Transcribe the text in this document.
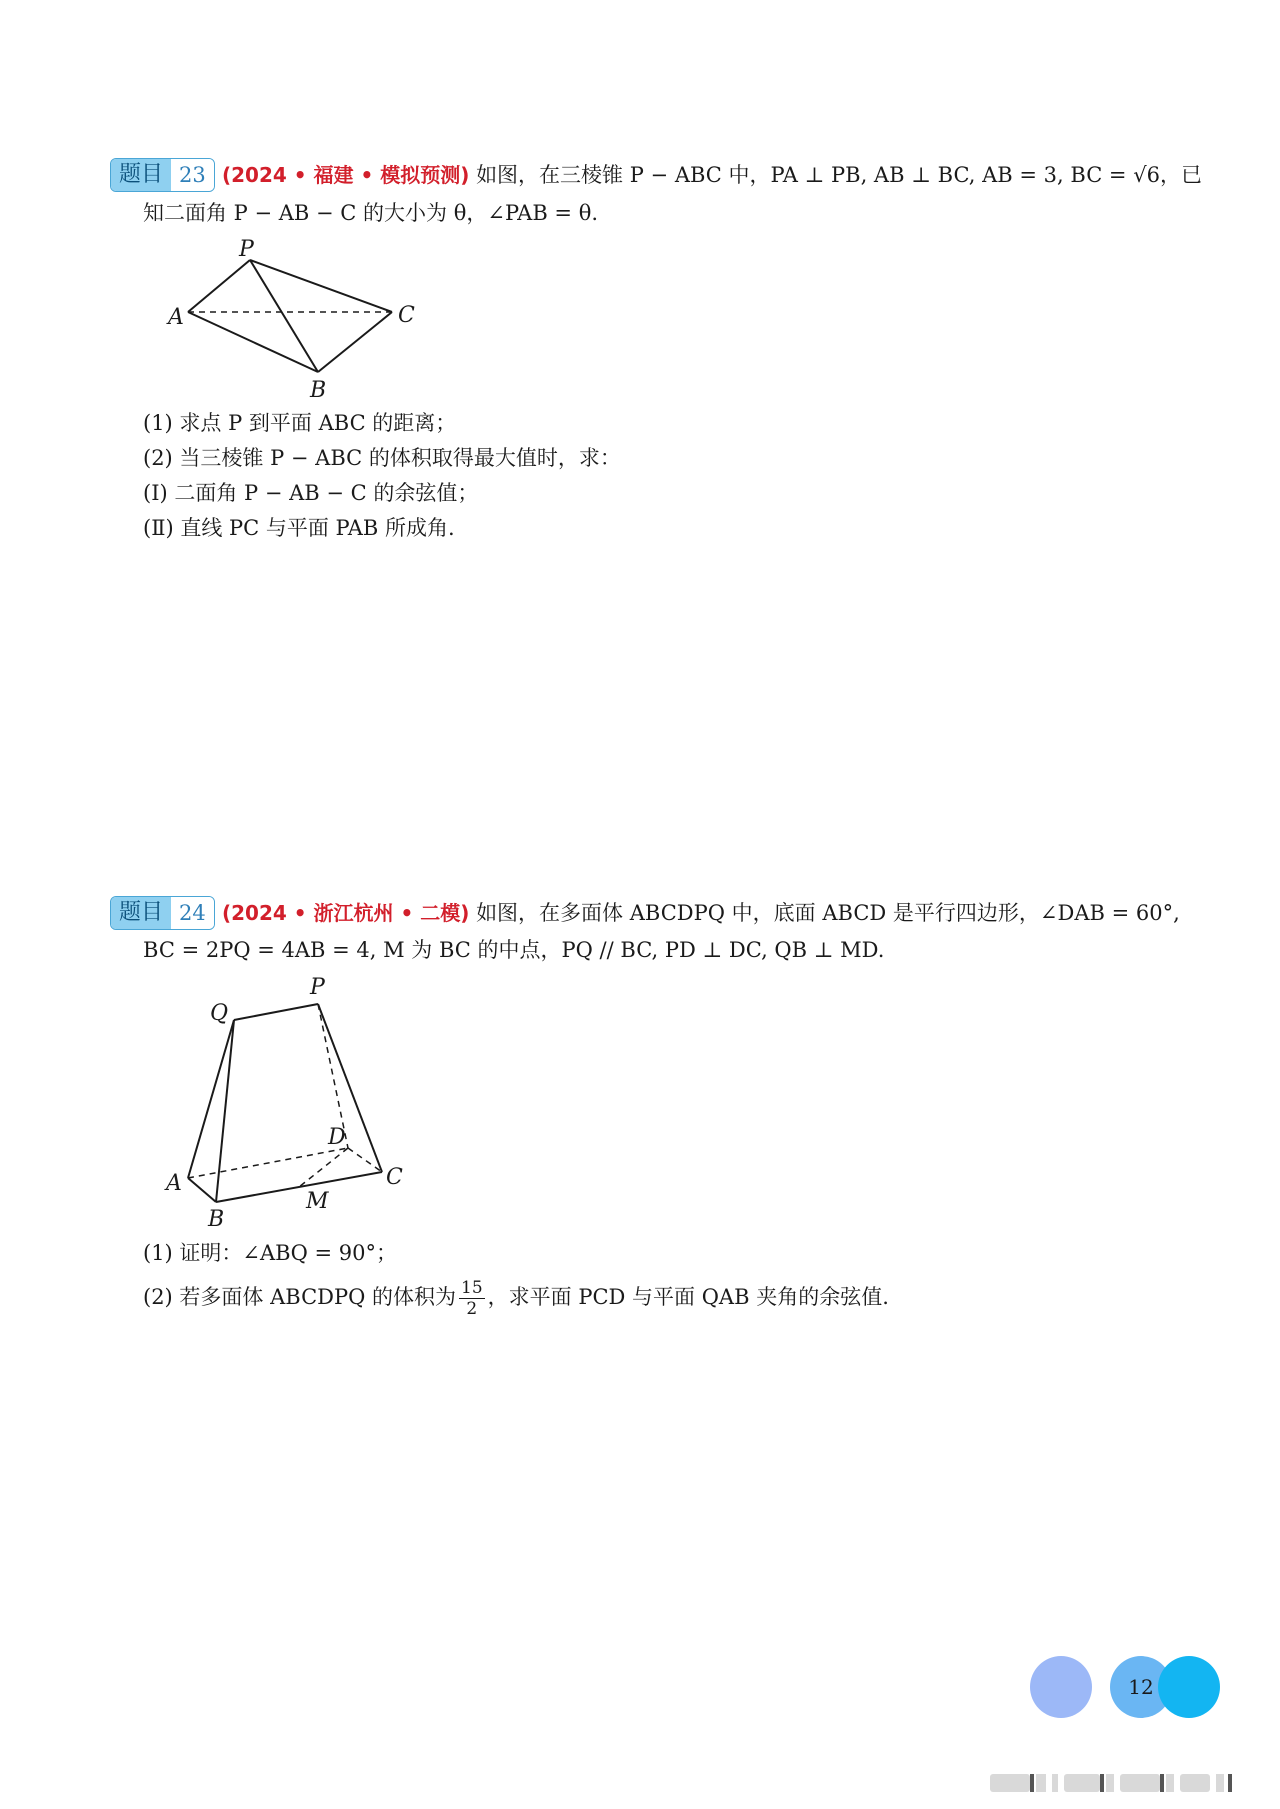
题目 23 (2024 • 福建 • 模拟预测) 如图，在三棱锥 P − ABC 中，PA ⊥ PB, AB ⊥ BC, AB = 3, BC = √6，已
知二面角 P − AB − C 的大小为 θ，∠PAB = θ.
P
A	C
B
(1) 求点 P 到平面 ABC 的距离；
(2) 当三棱锥 P − ABC 的体积取得最大值时，求：
(Ⅰ) 二面角 P − AB − C 的余弦值；
(Ⅱ) 直线 PC 与平面 PAB 所成角.
题目 24 (2024 • 浙江杭州 • 二模) 如图，在多面体 ABCDPQ 中，底面 ABCD 是平行四边形，∠DAB = 60°,
BC = 2PQ = 4AB = 4, M 为 BC 的中点，PQ // BC, PD ⊥ DC, QB ⊥ MD.
P
Q
D
A	C
M
B
(1) 证明：∠ABQ = 90°；
(2) 若多面体 ABCDPQ 的体积为 $\frac{15}{2}$ ，求平面 PCD 与平面 QAB 夹角的余弦值.
12
